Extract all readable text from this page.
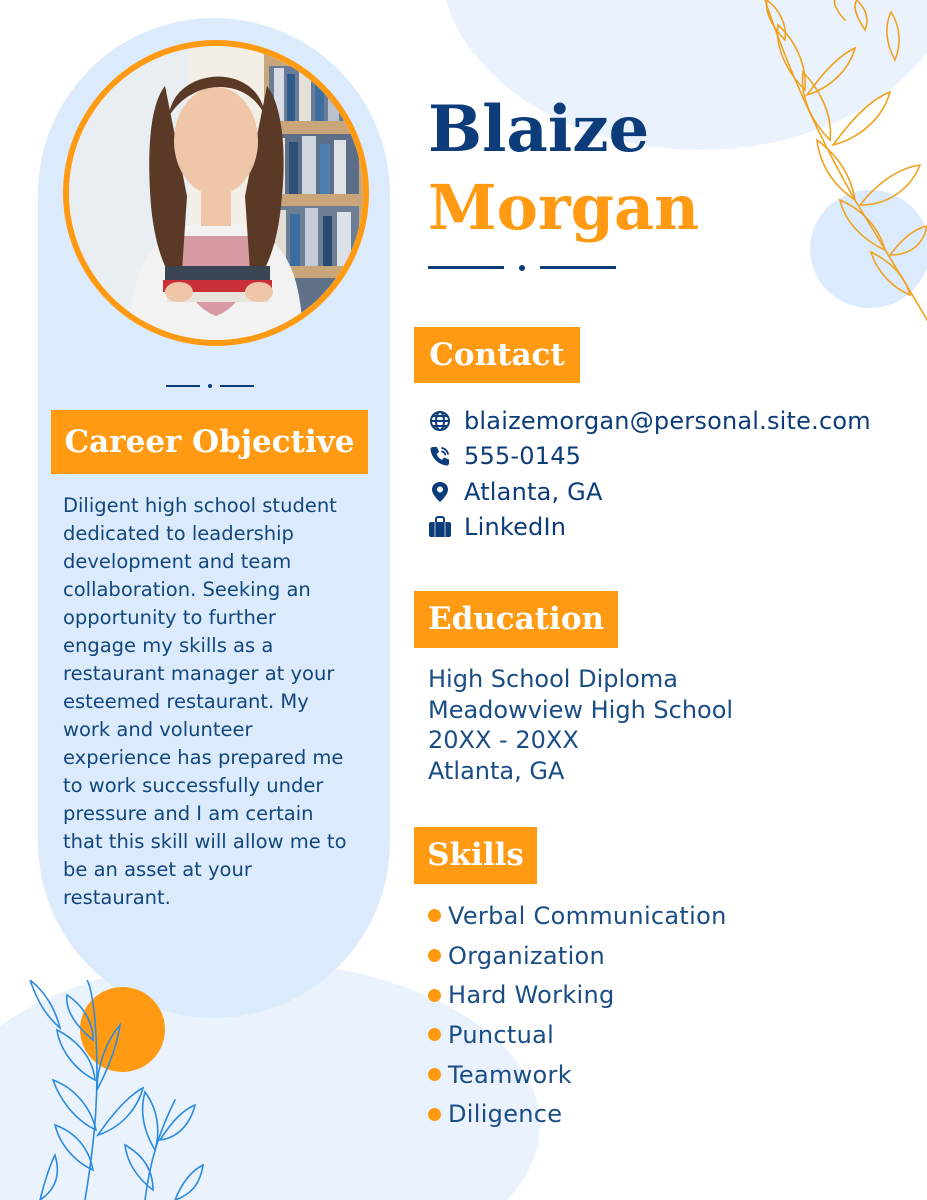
Career Objective

Diligent high school student dedicated to leadership development and team collaboration. Seeking an opportunity to further engage my skills as a restaurant manager at your esteemed restaurant. My work and volunteer experience has prepared me to work successfully under pressure and I am certain that this skill will allow me to be an asset at your restaurant.

Blaize
Morgan
Contact
blaizemorgan@personal.site.com
555-0145
Atlanta, GA
LinkedIn
Education
High School Diploma
Meadowview High School
20XX - 20XX
Atlanta, GA
Skills
Verbal Communication
Organization
Hard Working
Punctual
Teamwork
Diligence
